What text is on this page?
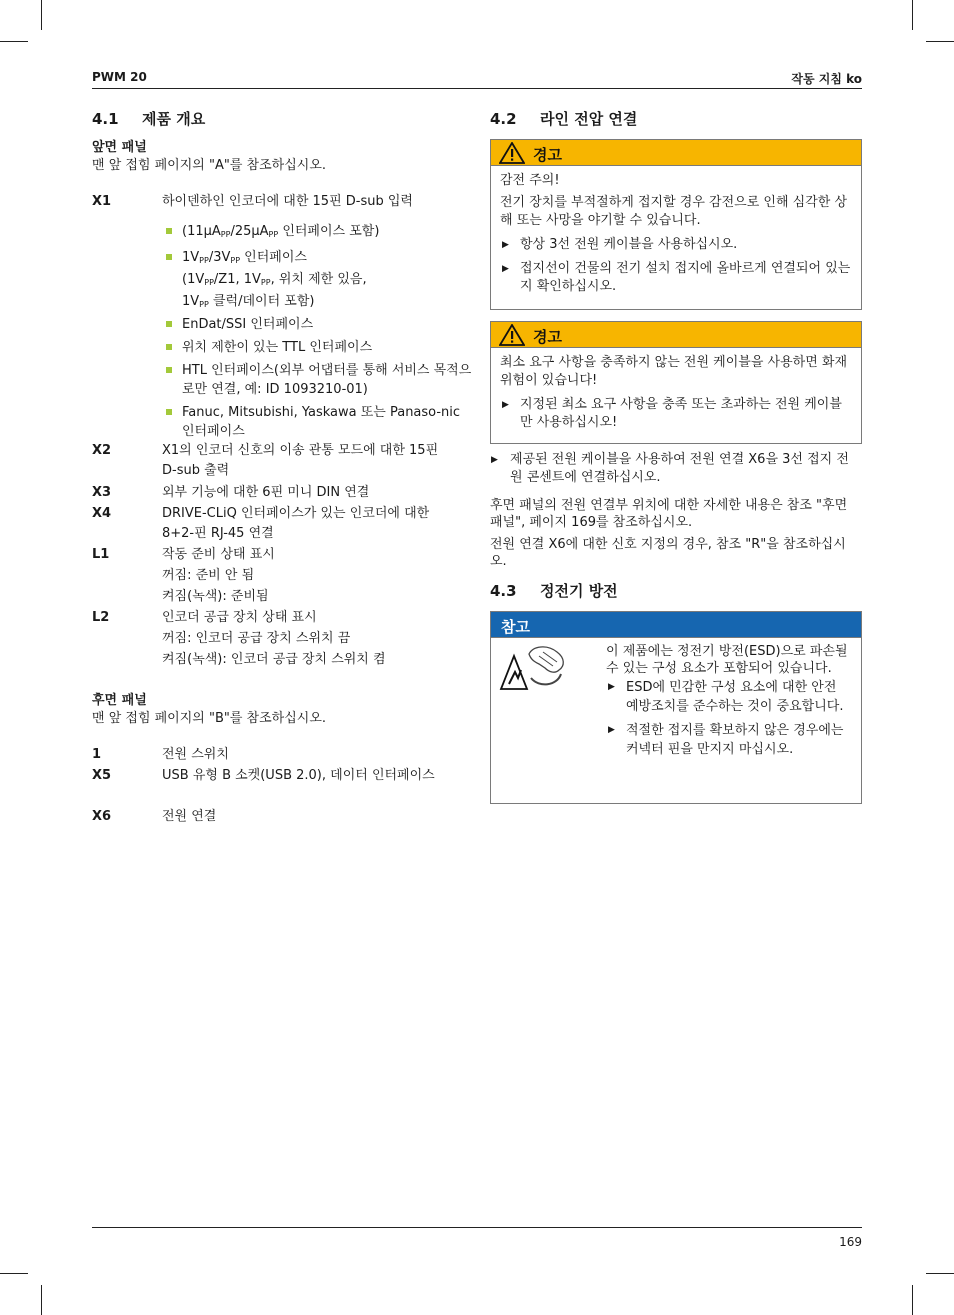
PWM 20	작동 지침 ko
4.1 제품 개요
앞면 패널
맨 앞 접힘 페이지의 "A"를 참조하십시오.
X1	하이덴하인 인코더에 대한 15핀 D-sub 입력
(11µA$_{PP}$/25µA$_{PP}$ 인터페이스 포함)
$1V_{PP}/3V_{PP}$ 인터페이스
($1V_{PP}/Z1$, $1V_{PP}$, 위치 제한 있음,
$1V_{PP}$ 클럭/데이터 포함)
EnDat/SSI 인터페이스
위치 제한이 있는 TTL 인터페이스
HTL 인터페이스(외부 어댑터를 통해 서비스 목적으로만 연결, 예: ID 1093210-01)
Fanuc, Mitsubishi, Yaskawa 또는 Panaso-nic 인터페이스
X2	X1의 인코더 신호의 이송 관통 모드에 대한 15핀 D-sub 출력
X3	외부 기능에 대한 6핀 미니 DIN 연결
X4	DRIVE-CLiQ 인터페이스가 있는 인코더에 대한 8+2-핀 RJ-45 연결
L1	작동 준비 상태 표시
꺼짐: 준비 안 됨
켜짐(녹색): 준비됨
L2	인코더 공급 장치 상태 표시
꺼짐: 인코더 공급 장치 스위치 끔
켜짐(녹색): 인코더 공급 장치 스위치 켬
후면 패널
맨 앞 접힘 페이지의 "B"를 참조하십시오.
1	전원 스위치
X5	USB 유형 B 소켓(USB 2.0), 데이터 인터페이스
X6	전원 연결
4.2 라인 전압 연결
경고

감전 주의!

전기 장치를 부적절하게 접지할 경우 감전으로 인해 심각한 상해 또는 사망을 야기할 수 있습니다.

▶ 항상 3선 전원 케이블을 사용하십시오.
▶ 접지선이 건물의 전기 설치 접지에 올바르게 연결되어 있는지 확인하십시오.
경고

최소 요구 사항을 충족하지 않는 전원 케이블을 사용하면 화재 위험이 있습니다!

▶ 지정된 최소 요구 사항을 충족 또는 초과하는 전원 케이블만 사용하십시오!
▶ 제공된 전원 케이블을 사용하여 전원 연결 X6을 3선 접지 전원 콘센트에 연결하십시오.
후면 패널의 전원 연결부 위치에 대한 자세한 내용은 참조 "후면 패널", 페이지 169를 참조하십시오.
전원 연결 X6에 대한 신호 지정의 경우, 참조 "R"을 참조하십시오.
4.3 정전기 방전
참고

이 제품에는 정전기 방전(ESD)으로 파손될 수 있는 구성 요소가 포함되어 있습니다.

▶ ESD에 민감한 구성 요소에 대한 안전 예방조치를 준수하는 것이 중요합니다.
▶ 적절한 접지를 확보하지 않은 경우에는 커넥터 핀을 만지지 마십시오.
169
